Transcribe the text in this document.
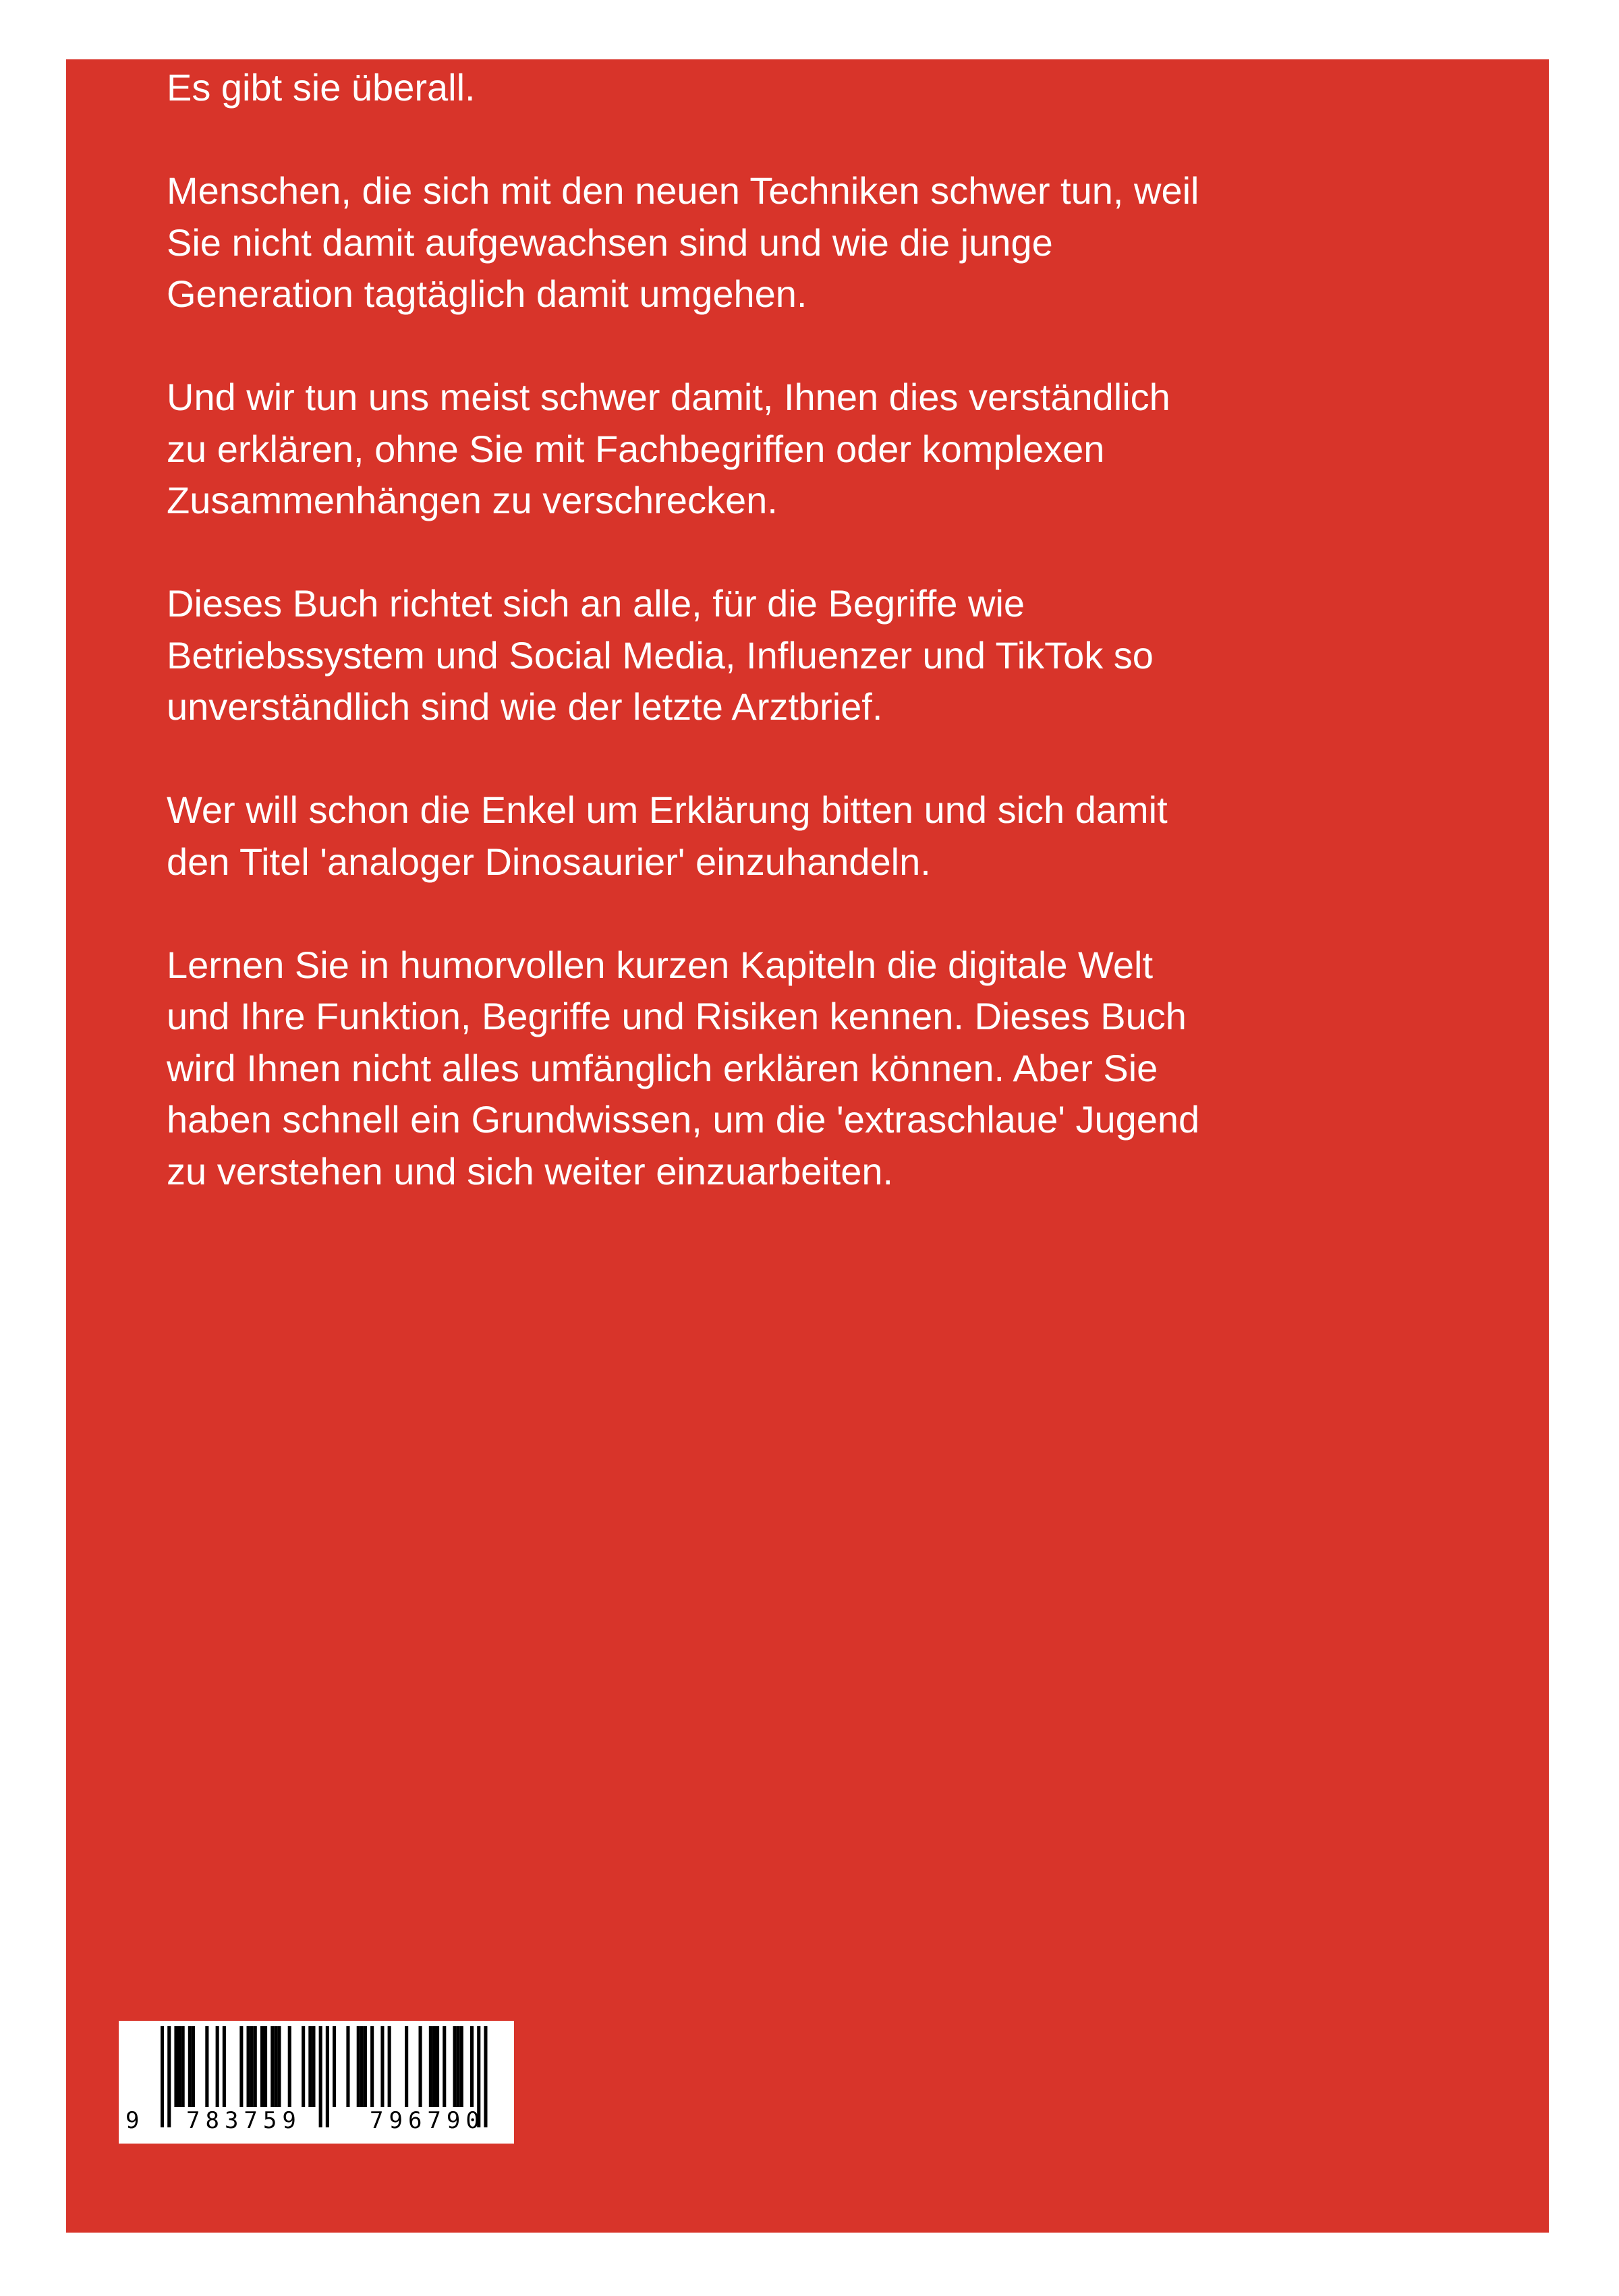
Es gibt sie überall.

Menschen, die sich mit den neuen Techniken schwer tun, weil
Sie nicht damit aufgewachsen sind und wie die junge
Generation tagtäglich damit umgehen.

Und wir tun uns meist schwer damit, Ihnen dies verständlich
zu erklären, ohne Sie mit Fachbegriffen oder komplexen
Zusammenhängen zu verschrecken.

Dieses Buch richtet sich an alle, für die Begriffe wie
Betriebssystem und Social Media, Influenzer und TikTok so
unverständlich sind wie der letzte Arztbrief.

Wer will schon die Enkel um Erklärung bitten und sich damit
den Titel 'analoger Dinosaurier' einzuhandeln.

Lernen Sie in humorvollen kurzen Kapiteln die digitale Welt
und Ihre Funktion, Begriffe und Risiken kennen. Dieses Buch
wird Ihnen nicht alles umfänglich erklären können. Aber Sie
haben schnell ein Grundwissen, um die 'extraschlaue' Jugend
zu verstehen und sich weiter einzuarbeiten.

9 783759	796790
